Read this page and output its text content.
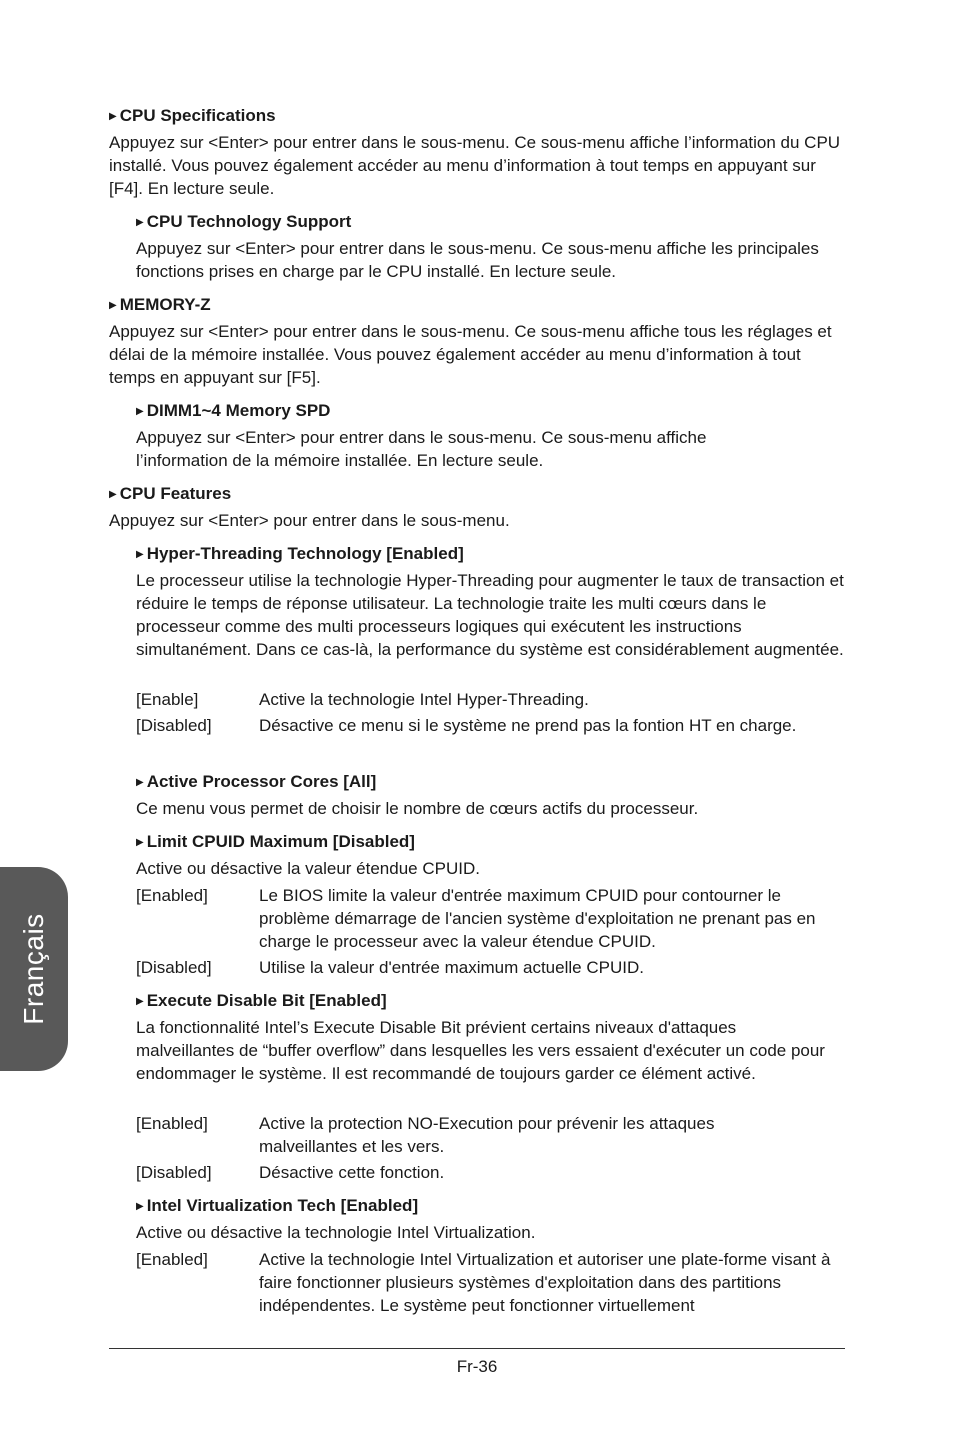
Français
▶ CPU Specifications
Appuyez sur <Enter> pour entrer dans le sous-menu. Ce sous-menu affiche l’information du CPU installé. Vous pouvez également accéder au menu d’information à tout temps en appuyant sur [F4]. En lecture seule.
▶ CPU Technology Support
Appuyez sur <Enter> pour entrer dans le sous-menu. Ce sous-menu affiche les principales fonctions prises en charge par le CPU installé. En lecture seule.
▶ MEMORY-Z
Appuyez sur <Enter> pour entrer dans le sous-menu. Ce sous-menu affiche tous les réglages et délai de la mémoire installée. Vous pouvez également accéder au menu d’information à tout temps en appuyant sur [F5].
▶ DIMM1~4 Memory SPD
Appuyez sur <Enter> pour entrer dans le sous-menu. Ce sous-menu affiche l’information de la mémoire installée. En lecture seule.
▶ CPU Features
Appuyez sur <Enter> pour entrer dans le sous-menu.
▶ Hyper-Threading Technology [Enabled]
Le processeur utilise la technologie Hyper-Threading pour augmenter le taux de transaction et réduire le temps de réponse utilisateur. La technologie traite les multi cœurs dans le processeur comme des multi processeurs logiques qui exécutent les instructions simultanément. Dans ce cas-là, la performance du système est considérablement augmentée.
[Enable]	Active la technologie Intel Hyper-Threading.
[Disabled]	Désactive ce menu si le système ne prend pas la fontion HT en charge.
▶ Active Processor Cores [All]
Ce menu vous permet de choisir le nombre de cœurs actifs du processeur.
▶ Limit CPUID Maximum [Disabled]
Active ou désactive la valeur étendue CPUID.
[Enabled]	Le BIOS limite la valeur d'entrée maximum CPUID pour contourner le problème démarrage de l'ancien système d'exploitation ne prenant pas en charge le processeur avec la valeur étendue CPUID.
[Disabled]	Utilise la valeur d'entrée maximum actuelle CPUID.
▶ Execute Disable Bit [Enabled]
La fonctionnalité Intel’s Execute Disable Bit prévient certains niveaux d'attaques malveillantes de “buffer overflow” dans lesquelles les vers essaient d'exécuter un code pour endommager le système. Il est recommandé de toujours garder ce élément activé.
[Enabled]	Active la protection NO-Execution pour prévenir les attaques malveillantes et les vers.
[Disabled]	Désactive cette fonction.
▶ Intel Virtualization Tech [Enabled]
Active ou désactive la technologie Intel Virtualization.
[Enabled]	Active la technologie Intel Virtualization et autoriser une plate-forme visant à faire fonctionner plusieurs systèmes d'exploitation dans des partitions indépendentes. Le système peut fonctionner virtuellement
Fr-36
